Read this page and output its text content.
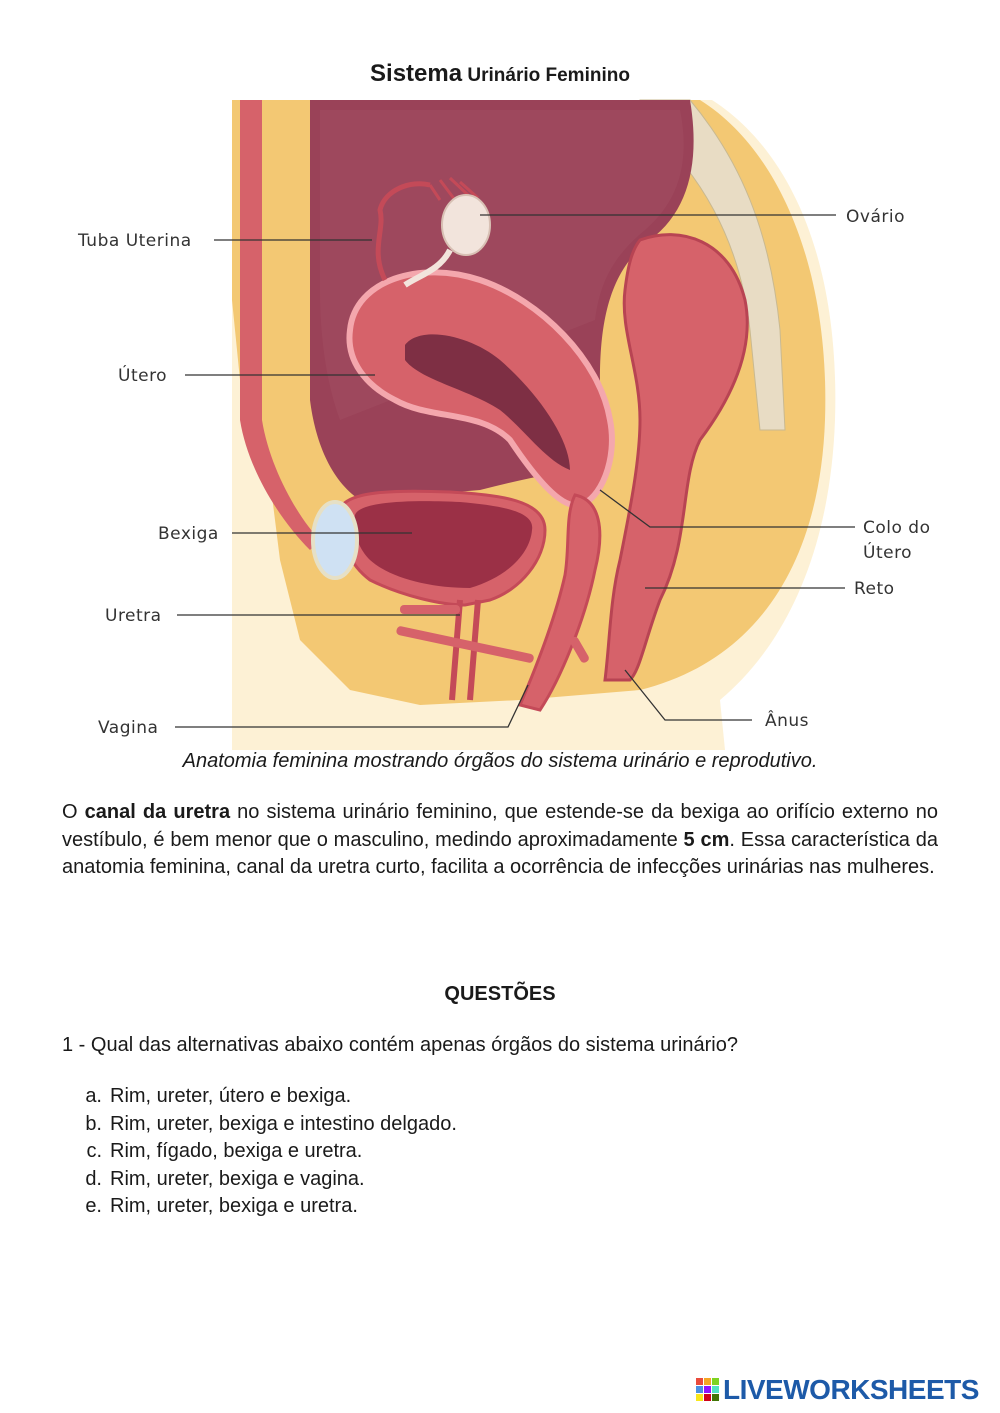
Sistema Urinário Feminino
Tuba Uterina
Ovário
Útero
Bexiga	Colo do
Útero
Reto
Uretra
Ânus
Vagina
Anatomia feminina mostrando órgãos do sistema urinário e reprodutivo.
O canal da uretra no sistema urinário feminino, que estende-se da bexiga ao orifício externo no vestíbulo, é bem menor que o masculino, medindo aproximadamente 5 cm. Essa característica da anatomia feminina, canal da uretra curto, facilita a ocorrência de infecções urinárias nas mulheres.
QUESTÕES
1 - Qual das alternativas abaixo contém apenas órgãos do sistema urinário?
a. Rim, ureter, útero e bexiga.
b. Rim, ureter, bexiga e intestino delgado.
c. Rim, fígado, bexiga e uretra.
d. Rim, ureter, bexiga e vagina.
e. Rim, ureter, bexiga e uretra.
LIVEWORKSHEETS
